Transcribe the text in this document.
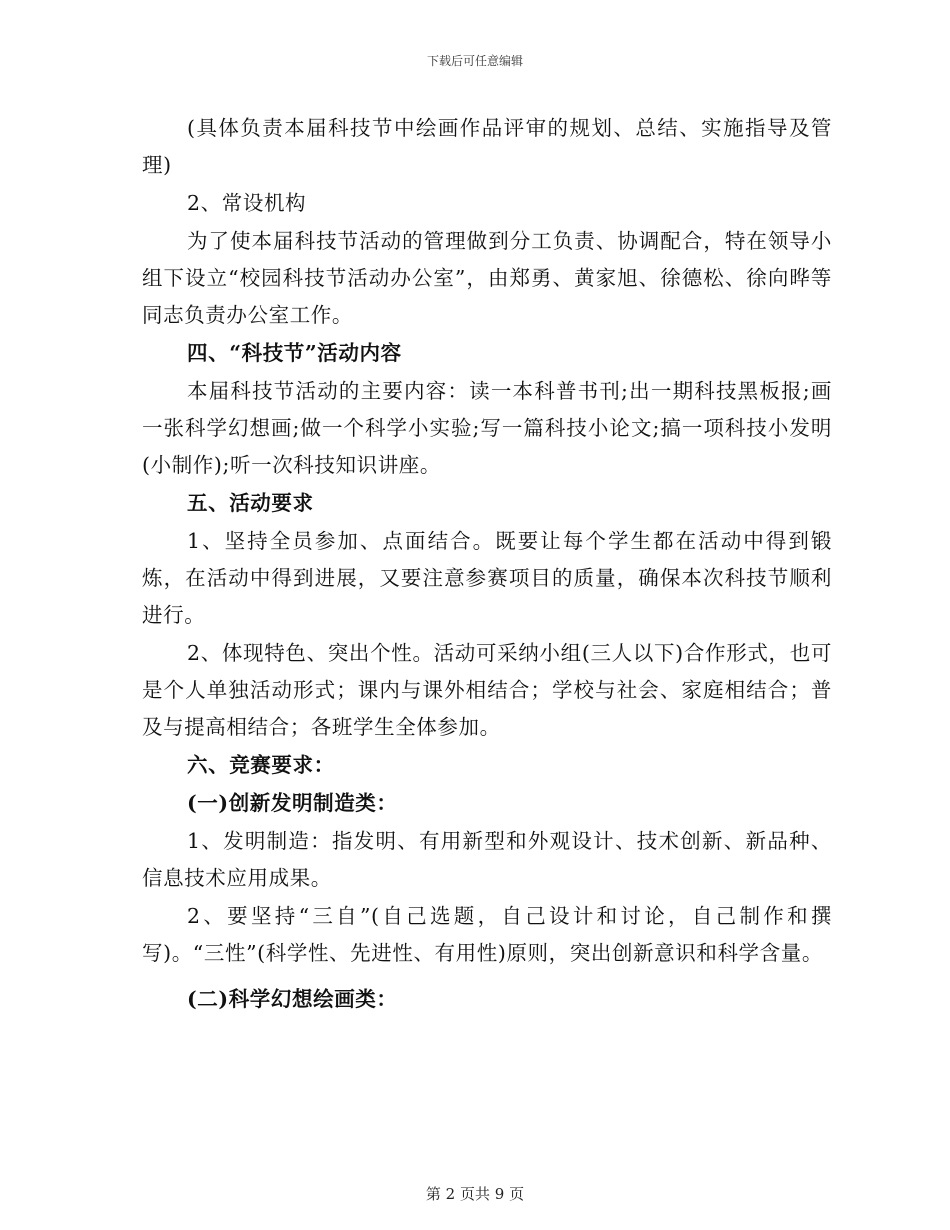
下载后可任意编辑

(具体负责本届科技节中绘画作品评审的规划、总结、实施指导及管理)

2、常设机构

为了使本届科技节活动的管理做到分工负责、协调配合，特在领导小组下设立“校园科技节活动办公室”，由郑勇、黄家旭、徐德松、徐向晔等同志负责办公室工作。

四、“科技节”活动内容

本届科技节活动的主要内容：读一本科普书刊;出一期科技黑板报;画一张科学幻想画;做一个科学小实验;写一篇科技小论文;搞一项科技小发明(小制作);听一次科技知识讲座。

五、活动要求

1、坚持全员参加、点面结合。既要让每个学生都在活动中得到锻炼，在活动中得到进展，又要注意参赛项目的质量，确保本次科技节顺利进行。

2、体现特色、突出个性。活动可采纳小组(三人以下)合作形式，也可是个人单独活动形式；课内与课外相结合；学校与社会、家庭相结合；普及与提高相结合；各班学生全体参加。

六、竞赛要求：

(一)创新发明制造类：

1、发明制造：指发明、有用新型和外观设计、技术创新、新品种、信息技术应用成果。

2、要坚持“三自”(自己选题，自己设计和讨论，自己制作和撰写)。“三性”(科学性、先进性、有用性)原则，突出创新意识和科学含量。

(二)科学幻想绘画类：

第 2 页共 9 页
